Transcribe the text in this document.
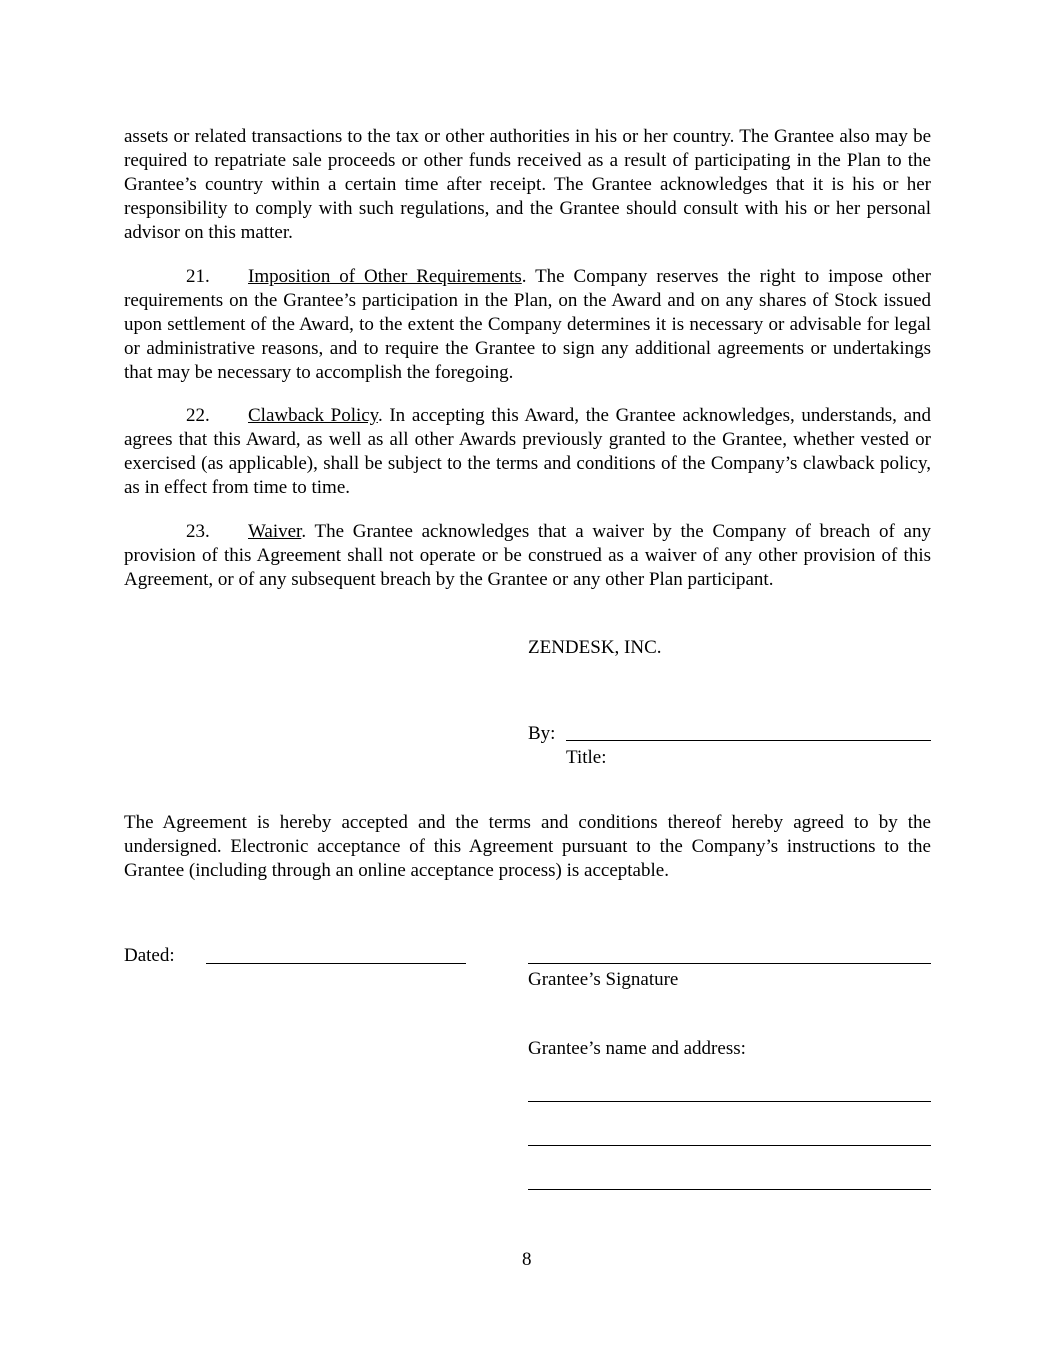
assets or related transactions to the tax or other authorities in his or her country. The Grantee also may be required to repatriate sale proceeds or other funds received as a result of participating in the Plan to the Grantee’s country within a certain time after receipt. The Grantee acknowledges that it is his or her responsibility to comply with such regulations, and the Grantee should consult with his or her personal advisor on this matter.

21. Imposition of Other Requirements. The Company reserves the right to impose other requirements on the Grantee’s participation in the Plan, on the Award and on any shares of Stock issued upon settlement of the Award, to the extent the Company determines it is necessary or advisable for legal or administrative reasons, and to require the Grantee to sign any additional agreements or undertakings that may be necessary to accomplish the foregoing.

22. Clawback Policy. In accepting this Award, the Grantee acknowledges, understands, and agrees that this Award, as well as all other Awards previously granted to the Grantee, whether vested or exercised (as applicable), shall be subject to the terms and conditions of the Company’s clawback policy, as in effect from time to time.

23. Waiver. The Grantee acknowledges that a waiver by the Company of breach of any provision of this Agreement shall not operate or be construed as a waiver of any other provision of this Agreement, or of any subsequent breach by the Grantee or any other Plan participant.

ZENDESK, INC.

By:

Title:

The Agreement is hereby accepted and the terms and conditions thereof hereby agreed to by the undersigned. Electronic acceptance of this Agreement pursuant to the Company’s instructions to the Grantee (including through an online acceptance process) is acceptable.

Dated:

Grantee’s Signature

Grantee’s name and address:

8
